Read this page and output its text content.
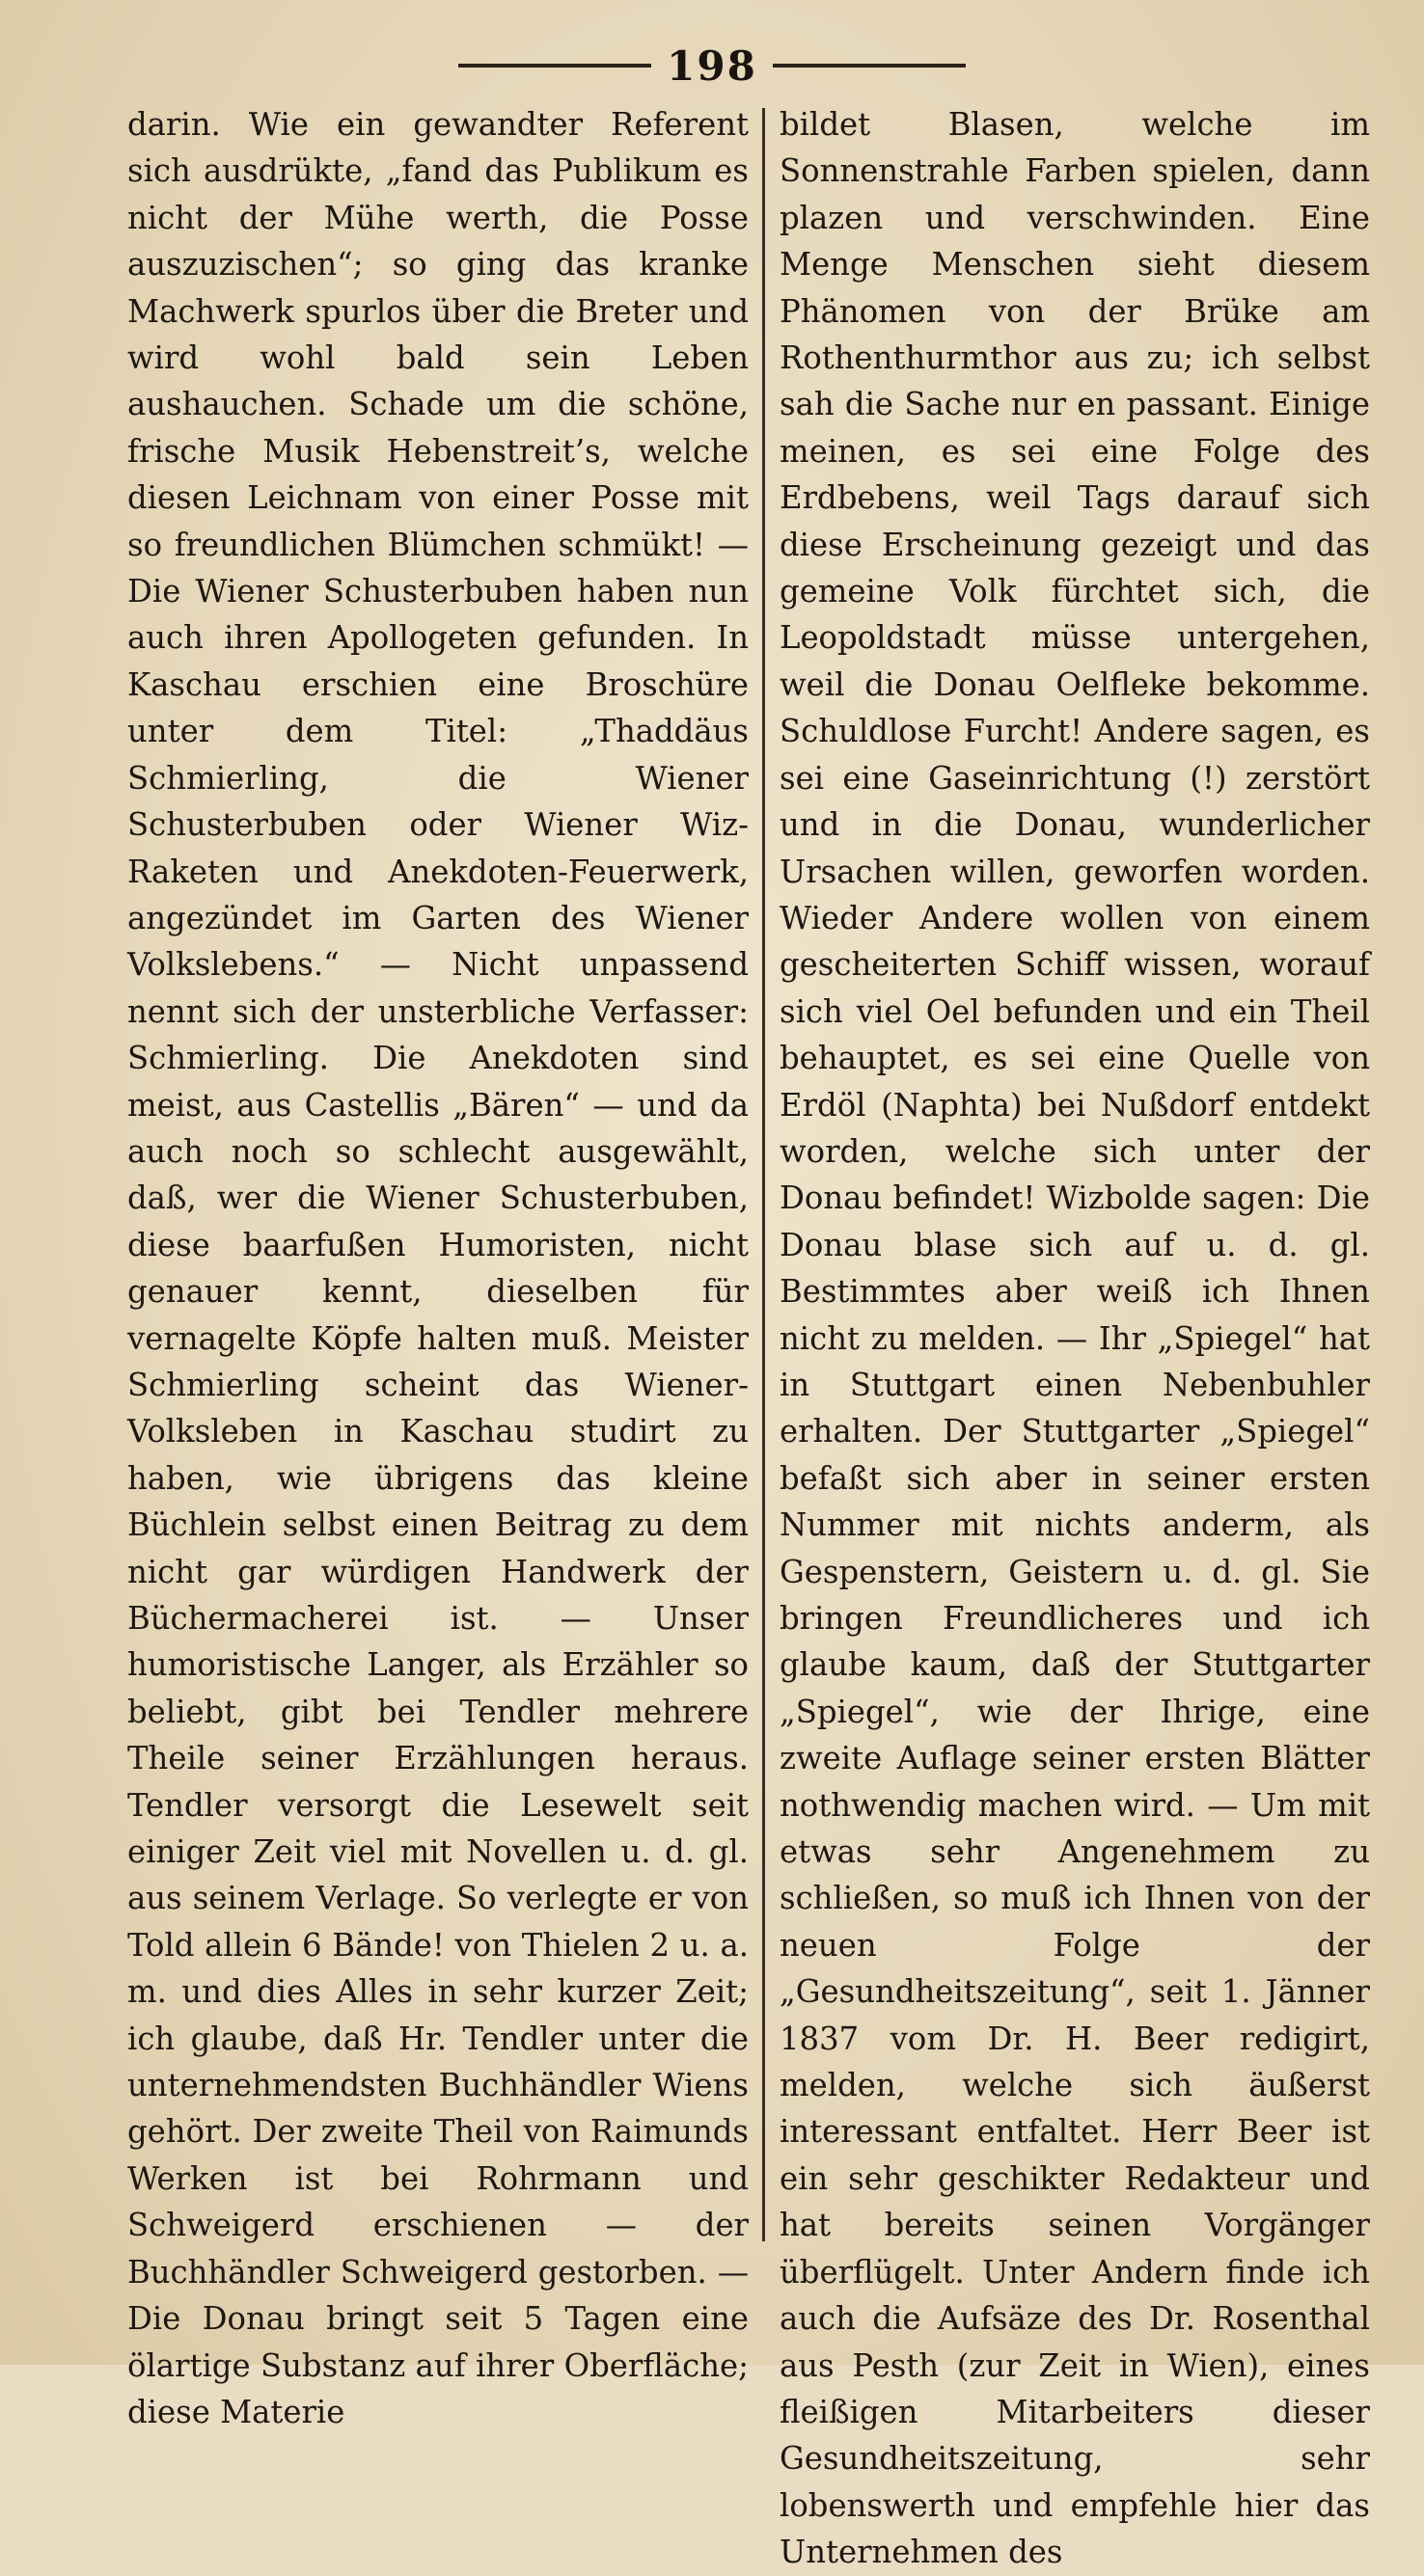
198

darin. Wie ein gewandter Referent sich ausdrükte, „fand das Publikum es nicht der Mühe werth, die Posse auszuzischen“; so ging das kranke Machwerk spurlos über die Breter und wird wohl bald sein Leben aushauchen. Schade um die schöne, frische Musik Hebenstreit’s, welche diesen Leichnam von einer Posse mit so freundlichen Blümchen schmükt! — Die Wiener Schusterbuben haben nun auch ihren Apollogeten gefunden. In Kaschau erschien eine Broschüre unter dem Titel: „Thaddäus Schmierling, die Wiener Schusterbuben oder Wiener Wiz-Raketen und Anekdoten-Feuerwerk, angezündet im Garten des Wiener Volkslebens.“ — Nicht unpassend nennt sich der unsterbliche Verfasser: Schmierling. Die Anekdoten sind meist, aus Castellis „Bären“ — und da auch noch so schlecht ausgewählt, daß, wer die Wiener Schusterbuben, diese baarfußen Humoristen, nicht genauer kennt, dieselben für vernagelte Köpfe halten muß. Meister Schmierling scheint das Wiener-Volksleben in Kaschau studirt zu haben, wie übrigens das kleine Büchlein selbst einen Beitrag zu dem nicht gar würdigen Handwerk der Büchermacherei ist. — Unser humoristische Langer, als Erzähler so beliebt, gibt bei Tendler mehrere Theile seiner Erzählungen heraus. Tendler versorgt die Lesewelt seit einiger Zeit viel mit Novellen u. d. gl. aus seinem Verlage. So verlegte er von Told allein 6 Bände! von Thielen 2 u. a. m. und dies Alles in sehr kurzer Zeit; ich glaube, daß Hr. Tendler unter die unternehmendsten Buchhändler Wiens gehört. Der zweite Theil von Raimunds Werken ist bei Rohrmann und Schweigerd erschienen — der Buchhändler Schweigerd gestorben. — Die Donau bringt seit 5 Tagen eine ölartige Substanz auf ihrer Oberfläche; diese Materie

bildet Blasen, welche im Sonnenstrahle Farben spielen, dann plazen und verschwinden. Eine Menge Menschen sieht diesem Phänomen von der Brüke am Rothenthurmthor aus zu; ich selbst sah die Sache nur en passant. Einige meinen, es sei eine Folge des Erdbebens, weil Tags darauf sich diese Erscheinung gezeigt und das gemeine Volk fürchtet sich, die Leopoldstadt müsse untergehen, weil die Donau Oelfleke bekomme. Schuldlose Furcht! Andere sagen, es sei eine Gaseinrichtung (!) zerstört und in die Donau, wunderlicher Ursachen willen, geworfen worden. Wieder Andere wollen von einem gescheiterten Schiff wissen, worauf sich viel Oel befunden und ein Theil behauptet, es sei eine Quelle von Erdöl (Naphta) bei Nußdorf entdekt worden, welche sich unter der Donau befindet! Wizbolde sagen: Die Donau blase sich auf u. d. gl. Bestimmtes aber weiß ich Ihnen nicht zu melden. — Ihr „Spiegel“ hat in Stuttgart einen Nebenbuhler erhalten. Der Stuttgarter „Spiegel“ befaßt sich aber in seiner ersten Nummer mit nichts anderm, als Gespenstern, Geistern u. d. gl. Sie bringen Freundlicheres und ich glaube kaum, daß der Stuttgarter „Spiegel“, wie der Ihrige, eine zweite Auflage seiner ersten Blätter nothwendig machen wird. — Um mit etwas sehr Angenehmem zu schließen, so muß ich Ihnen von der neuen Folge der „Gesundheitszeitung“, seit 1. Jänner 1837 vom Dr. H. Beer redigirt, melden, welche sich äußerst interessant entfaltet. Herr Beer ist ein sehr geschikter Redakteur und hat bereits seinen Vorgänger überflügelt. Unter Andern finde ich auch die Aufsäze des Dr. Rosenthal aus Pesth (zur Zeit in Wien), eines fleißigen Mitarbeiters dieser Gesundheitszeitung, sehr lobenswerth und empfehle hier das Unternehmen des
